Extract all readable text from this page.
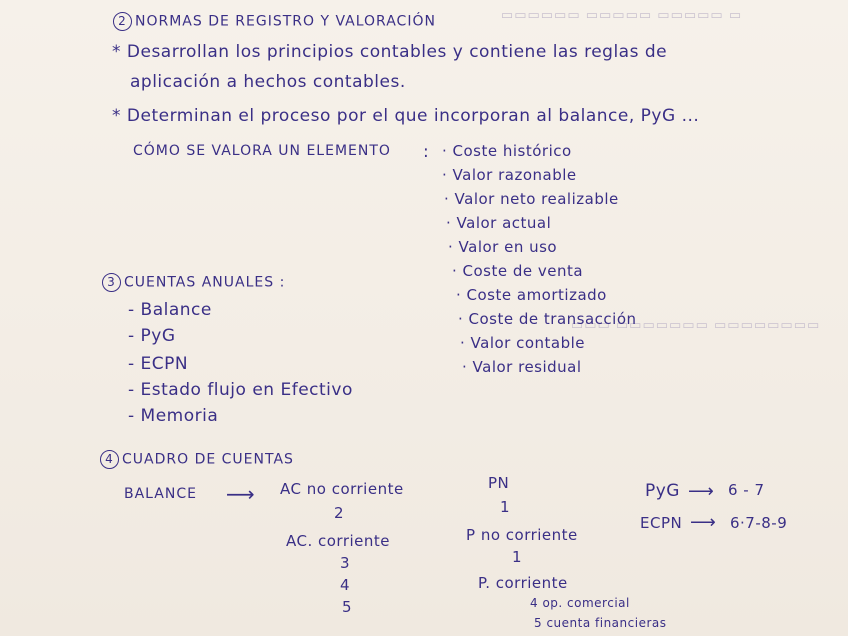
▭ ▭▭▭▭▭ ▭▭▭▭▭ ▭▭▭▭▭▭
▭▭▭▭▭▭▭▭ ▭▭▭▭▭▭▭ ▭▭▭
2 NORMAS DE REGISTRO Y VALORACIÓN
* Desarrollan los principios contables y contiene las reglas de
aplicación a hechos contables.
* Determinan el proceso por el que incorporan al balance, PyG ...
CÓMO SE VALORA UN ELEMENTO : · Coste histórico
· Valor razonable
· Valor neto realizable
· Valor actual
· Valor en uso
· Coste de venta
· Coste amortizado
· Coste de transacción
· Valor contable
· Valor residual
3 CUENTAS ANUALES :
- Balance
- PyG
- ECPN
- Estado flujo en Efectivo
- Memoria
4 CUADRO DE CUENTAS
BALANCE ⟶ AC no corriente
2
AC. corriente
3
4
5
PN
1
P no corriente
1
P. corriente
4 op. comercial
5 cuenta financieras
PyG ⟶ 6 - 7
ECPN ⟶ 6·7-8-9
